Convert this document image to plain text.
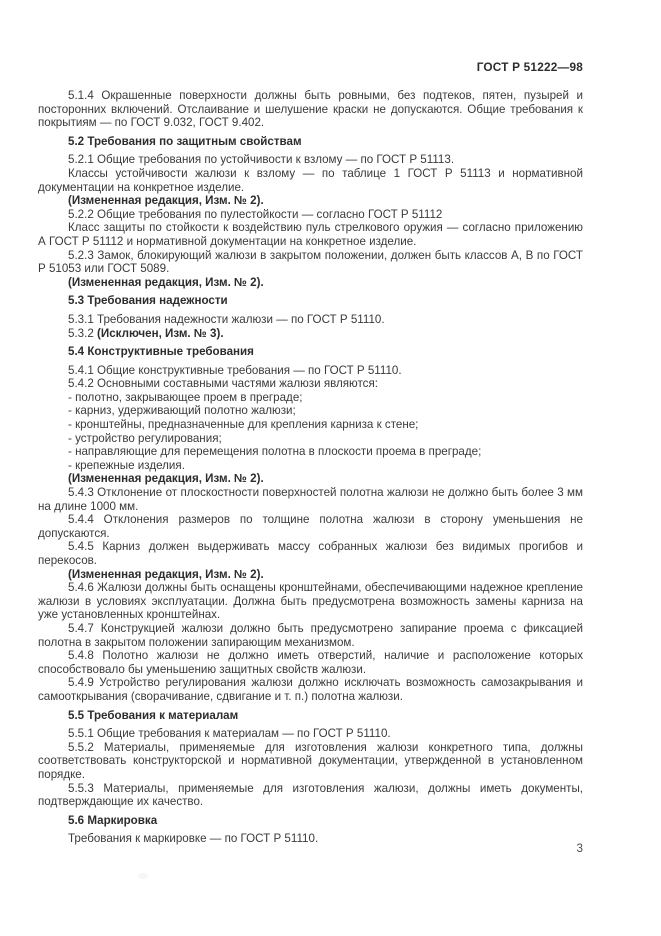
ГОСТ Р 51222—98

5.1.4 Окрашенные поверхности должны быть ровными, без подтеков, пятен, пузырей и посторонних включений. Отслаивание и шелушение краски не допускаются. Общие требования к покрытиям — по ГОСТ 9.032, ГОСТ 9.402.

5.2 Требования по защитным свойствам

5.2.1 Общие требования по устойчивости к взлому — по ГОСТ Р 51113.

Классы устойчивости жалюзи к взлому — по таблице 1 ГОСТ Р 51113 и нормативной документации на конкретное изделие.

(Измененная редакция, Изм. № 2).

5.2.2 Общие требования по пулестойкости — согласно ГОСТ Р 51112

Класс защиты по стойкости к воздействию пуль стрелкового оружия — согласно приложению А ГОСТ Р 51112 и нормативной документации на конкретное изделие.

5.2.3 Замок, блокирующий жалюзи в закрытом положении, должен быть классов А, В по ГОСТ Р 51053 или ГОСТ 5089.

(Измененная редакция, Изм. № 2).

5.3 Требования надежности

5.3.1 Требования надежности жалюзи — по ГОСТ Р 51110.

5.3.2 (Исключен, Изм. № 3).

5.4 Конструктивные требования

5.4.1 Общие конструктивные требования — по ГОСТ Р 51110.

5.4.2 Основными составными частями жалюзи являются:

- полотно, закрывающее проем в преграде;

- карниз, удерживающий полотно жалюзи;

- кронштейны, предназначенные для крепления карниза к стене;

- устройство регулирования;

- направляющие для перемещения полотна в плоскости проема в преграде;

- крепежные изделия.

(Измененная редакция, Изм. № 2).

5.4.3 Отклонение от плоскостности поверхностей полотна жалюзи не должно быть более 3 мм на длине 1000 мм.

5.4.4 Отклонения размеров по толщине полотна жалюзи в сторону уменьшения не допускаются.

5.4.5 Карниз должен выдерживать массу собранных жалюзи без видимых прогибов и перекосов.

(Измененная редакция, Изм. № 2).

5.4.6 Жалюзи должны быть оснащены кронштейнами, обеспечивающими надежное крепление жалюзи в условиях эксплуатации. Должна быть предусмотрена возможность замены карниза на уже установленных кронштейнах.

5.4.7 Конструкцией жалюзи должно быть предусмотрено запирание проема с фиксацией полотна в закрытом положении запирающим механизмом.

5.4.8 Полотно жалюзи не должно иметь отверстий, наличие и расположение которых способствовало бы уменьшению защитных свойств жалюзи.

5.4.9 Устройство регулирования жалюзи должно исключать возможность самозакрывания и самооткрывания (сворачивание, сдвигание и т. п.) полотна жалюзи.

5.5 Требования к материалам

5.5.1 Общие требования к материалам — по ГОСТ Р 51110.

5.5.2 Материалы, применяемые для изготовления жалюзи конкретного типа, должны соответствовать конструкторской и нормативной документации, утвержденной в установленном порядке.

5.5.3 Материалы, применяемые для изготовления жалюзи, должны иметь документы, подтверждающие их качество.

5.6 Маркировка

Требования к маркировке — по ГОСТ Р 51110.

3
